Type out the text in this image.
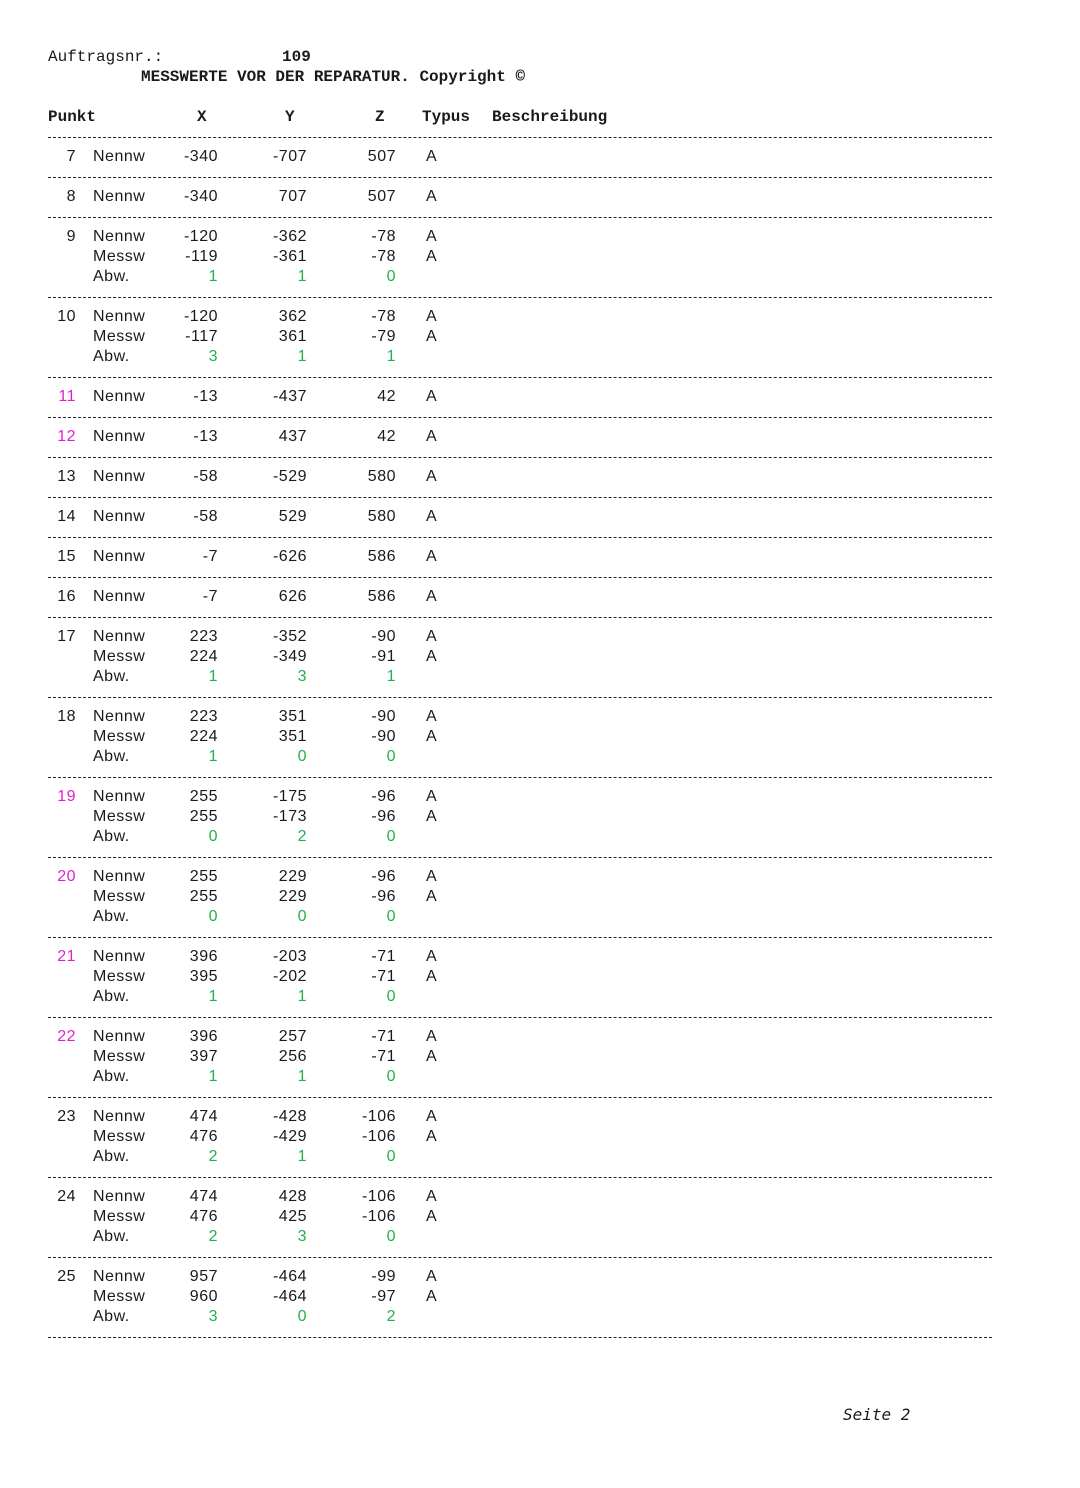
Auftragsnr.:	109
MESSWERTE VOR DER REPARATUR. Copyright ©
Punkt	X	Y	Z Typus Beschreibung
7 Nennw -340	-707	507 A
8 Nennw -340	707	507 A
9 Nennw -120	-362	-78 A
Messw -119	-361	-78 A
Abw.	1	1	0
10 Nennw -120	362	-78 A
Messw -117	361	-79 A
Abw.	3	1	1
11 Nennw	-13	-437	42 A
12 Nennw	-13	437	42 A
13 Nennw	-58	-529	580 A
14 Nennw	-58	529	580 A
15 Nennw	-7	-626	586 A
16 Nennw	-7	626	586 A
17 Nennw	223	-352	-90 A
Messw	224	-349	-91 A
Abw.	1	3	1
18 Nennw	223	351	-90 A
Messw	224	351	-90 A
Abw.	1	0	0
19 Nennw	255	-175	-96 A
Messw	255	-173	-96 A
Abw.	0	2	0
20 Nennw	255	229	-96 A
Messw	255	229	-96 A
Abw.	0	0	0
21 Nennw	396	-203	-71 A
Messw	395	-202	-71 A
Abw.	1	1	0
22 Nennw	396	257	-71 A
Messw	397	256	-71 A
Abw.	1	1	0
23 Nennw	474	-428	-106 A
Messw	476	-429	-106 A
Abw.	2	1	0
24 Nennw	474	428	-106 A
Messw	476	425	-106 A
Abw.	2	3	0
25 Nennw	957	-464	-99 A
Messw	960	-464	-97 A
Abw.	3	0	2
Seite 2
